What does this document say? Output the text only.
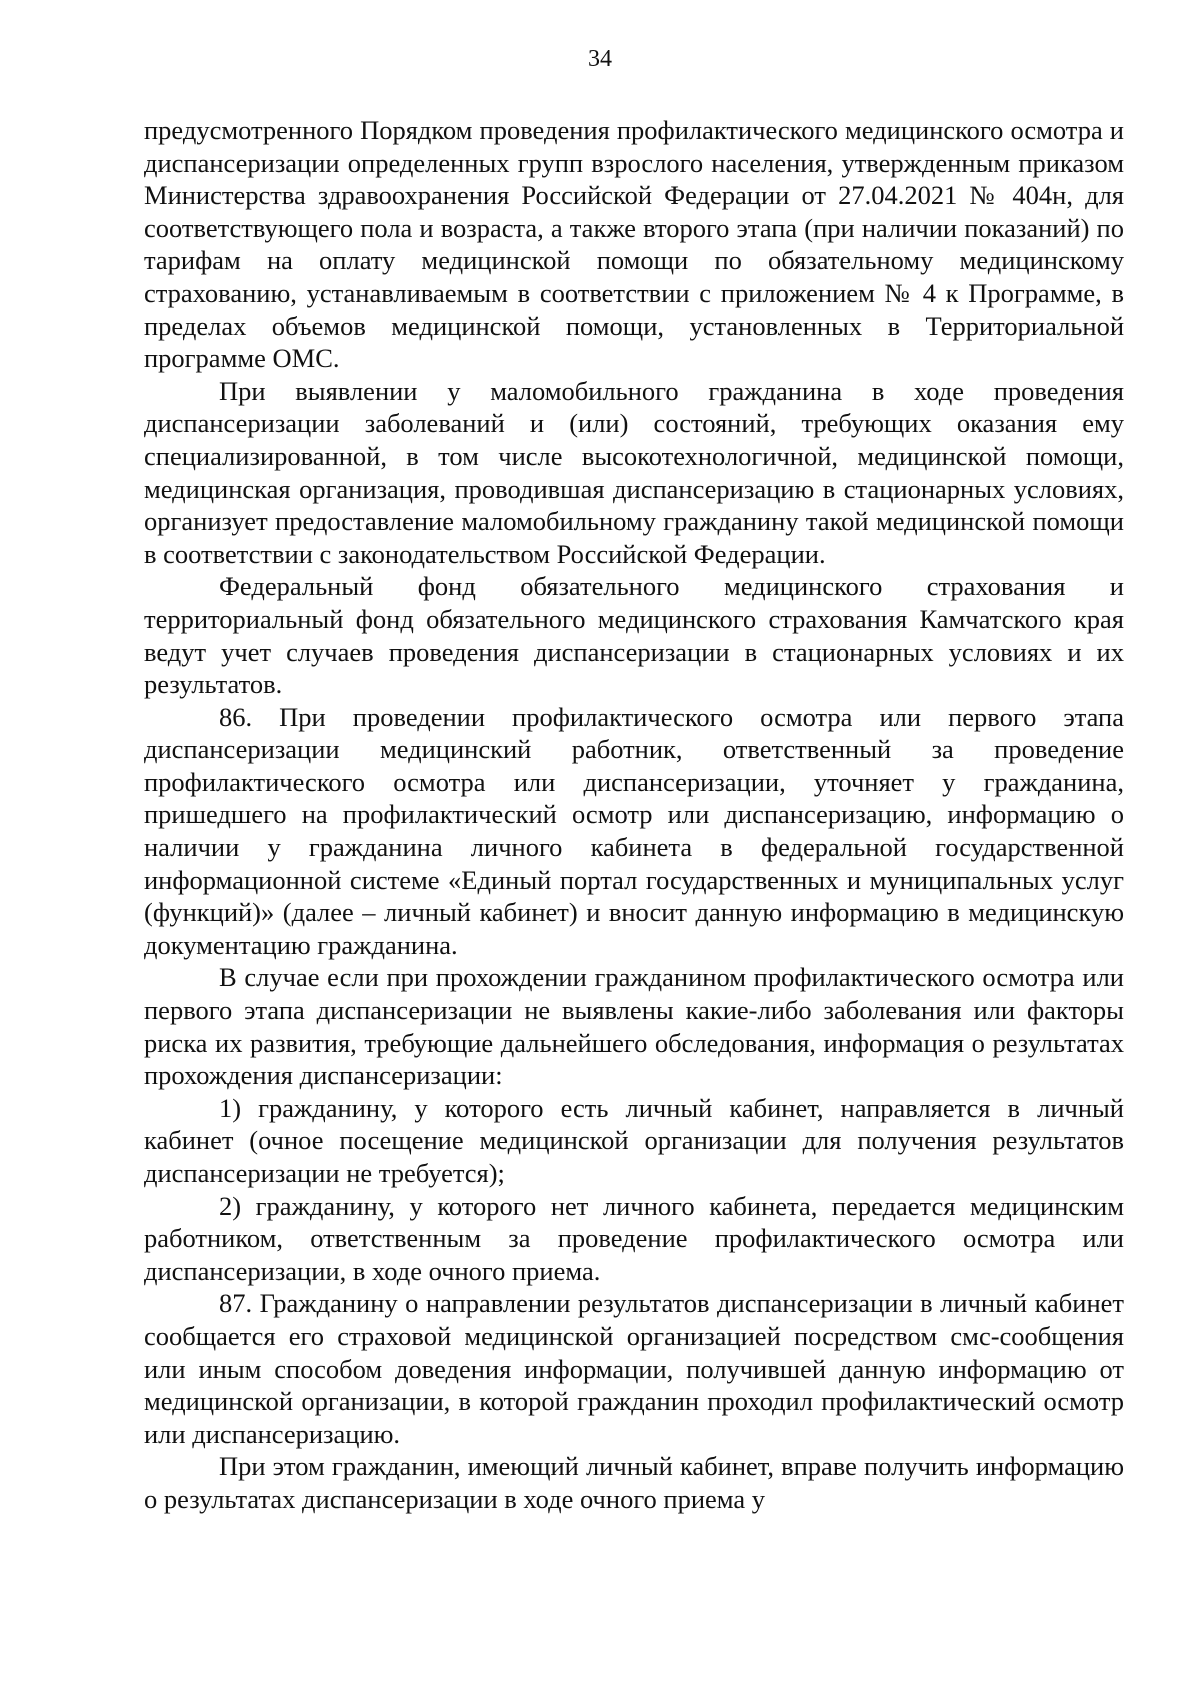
34

предусмотренного Порядком проведения профилактического медицинского осмотра и диспансеризации определенных групп взрослого населения, утвержденным приказом Министерства здравоохранения Российской Федерации от 27.04.2021 № 404н, для соответствующего пола и возраста, а также второго этапа (при наличии показаний) по тарифам на оплату медицинской помощи по обязательному медицинскому страхованию, устанавливаемым в соответствии с приложением № 4 к Программе, в пределах объемов медицинской помощи, установленных в Территориальной программе ОМС.

При выявлении у маломобильного гражданина в ходе проведения диспансеризации заболеваний и (или) состояний, требующих оказания ему специализированной, в том числе высокотехнологичной, медицинской помощи, медицинская организация, проводившая диспансеризацию в стационарных условиях, организует предоставление маломобильному гражданину такой медицинской помощи в соответствии с законодательством Российской Федерации.

Федеральный фонд обязательного медицинского страхования и территориальный фонд обязательного медицинского страхования Камчатского края ведут учет случаев проведения диспансеризации в стационарных условиях и их результатов.

86. При проведении профилактического осмотра или первого этапа диспансеризации медицинский работник, ответственный за проведение профилактического осмотра или диспансеризации, уточняет у гражданина, пришедшего на профилактический осмотр или диспансеризацию, информацию о наличии у гражданина личного кабинета в федеральной государственной информационной системе «Единый портал государственных и муниципальных услуг (функций)» (далее – личный кабинет) и вносит данную информацию в медицинскую документацию гражданина.

В случае если при прохождении гражданином профилактического осмотра или первого этапа диспансеризации не выявлены какие-либо заболевания или факторы риска их развития, требующие дальнейшего обследования, информация о результатах прохождения диспансеризации:

1) гражданину, у которого есть личный кабинет, направляется в личный кабинет (очное посещение медицинской организации для получения результатов диспансеризации не требуется);

2) гражданину, у которого нет личного кабинета, передается медицинским работником, ответственным за проведение профилактического осмотра или диспансеризации, в ходе очного приема.

87. Гражданину о направлении результатов диспансеризации в личный кабинет сообщается его страховой медицинской организацией посредством смс-сообщения или иным способом доведения информации, получившей данную информацию от медицинской организации, в которой гражданин проходил профилактический осмотр или диспансеризацию.

При этом гражданин, имеющий личный кабинет, вправе получить информацию о результатах диспансеризации в ходе очного приема у
